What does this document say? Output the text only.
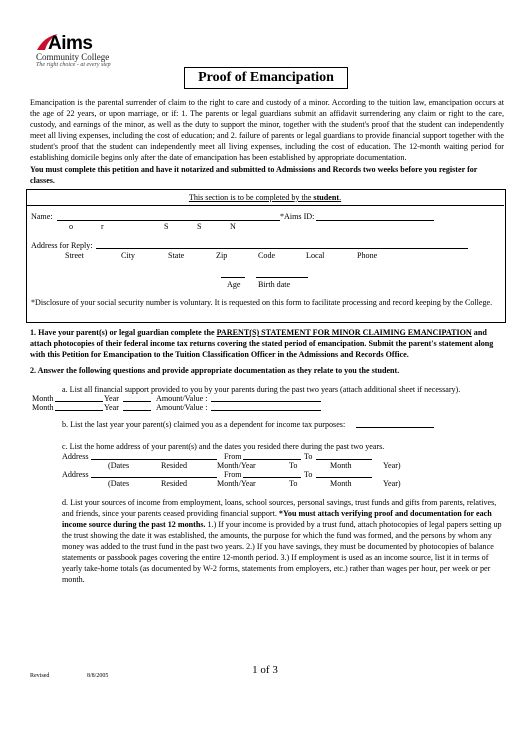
Aims
Community College
The right choice - at every step
Proof of Emancipation
Emancipation is the parental surrender of claim to the right to care and custody of a minor. According to the tuition law, emancipation occurs at the age of 22 years, or upon marriage, or if: 1. The parents or legal guardians submit an affidavit surrendering any claim or right to the care, custody, and earnings of the minor, as well as the duty to support the minor, together with the student's proof that the student can independently meet all living expenses, including the cost of education; and 2. failure of parents or legal guardians to provide financial support together with the student's proof that the student can independently meet all living expenses, including the cost of education. The 12-month waiting period for establishing domicile begins only after the date of emancipation has been established by appropriate documentation.
You must complete this petition and have it notarized and submitted to Admissions and Records two weeks before you register for classes.
This section is to be completed by the student.
Name:	*Aims ID:
o	r	S	S	N
Address for Reply:
Street	City	State	Zip	Code	Local	Phone
Age Birth date
*Disclosure of your social security number is voluntary. It is requested on this form to facilitate processing and record keeping by the College.
1. Have your parent(s) or legal guardian complete the PARENT(S) STATEMENT FOR MINOR CLAIMING EMANCIPATION and attach photocopies of their federal income tax returns covering the stated period of emancipation. Submit the parent's statement along with this Petition for Emancipation to the Tuition Classification Officer in the Admissions and Records Office.
2. Answer the following questions and provide appropriate documentation as they relate to you the student.
a. List all financial support provided to you by your parents during the past two years (attach additional sheet if necessary).
Month	Year	Amount/Value :
Month	Year	Amount/Value :
b. List the last year your parent(s) claimed you as a dependent for income tax purposes:
c. List the home address of your parent(s) and the dates you resided there during the past two years.
Address	From	To
(Dates	Resided	Month/Year	To	Month	Year)
Address	From	To
(Dates	Resided	Month/Year	To	Month	Year)
d. List your sources of income from employment, loans, school sources, personal savings, trust funds and gifts from parents, relatives, and friends, since your parents ceased providing financial support. *You must attach verifying proof and documentation for each income source during the past 12 months. 1.) If your income is provided by a trust fund, attach photocopies of legal papers setting up the trust showing the date it was established, the amounts, the purpose for which the fund was formed, and the persons by whom any money was added to the trust fund in the past two years. 2.) If you have savings, they must be documented by photocopies of balance statements or passbook pages covering the entire 12-month period. 3.) If employment is used as an income source, list it in terms of yearly take-home totals (as documented by W-2 forms, statements from employers, etc.) rather than wages per hour, per week or per month.
1 of 3
Revised	8/8/2005
